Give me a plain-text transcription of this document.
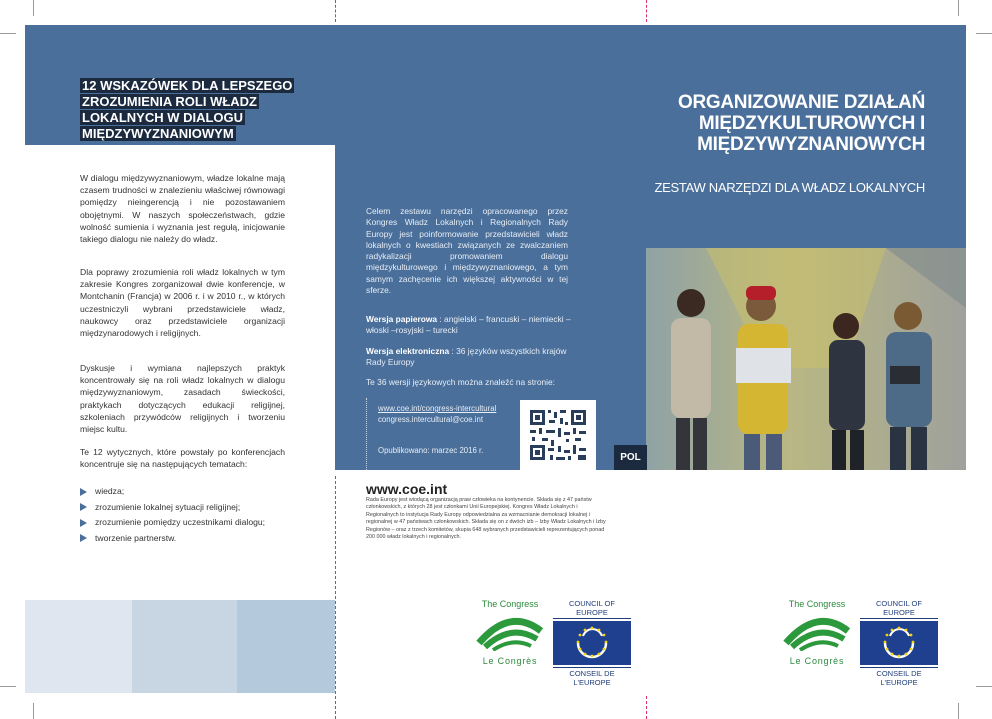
12 WSKAZÓWEK DLA LEPSZEGO ZROZUMIENIA ROLI WŁADZ LOKALNYCH W DIALOGU MIĘDZYWYZNANIOWYM
W dialogu międzywyznaniowym, władze lokalne mają czasem trudności w znalezieniu właściwej równowagi pomiędzy nieingerencją i nie pozostawaniem obojętnymi. W naszych społeczeństwach, gdzie wolność sumienia i wyznania jest regułą, inicjowanie takiego dialogu nie należy do władz.
Dla poprawy zrozumienia roli władz lokalnych w tym zakresie Kongres zorganizował dwie konferencje, w Montchanin (Francja) w 2006 r. i w 2010 r., w których uczestniczyli wybrani przedstawiciele władz, naukowcy oraz przedstawiciele organizacji międzynarodowych i religijnych.
Dyskusje i wymiana najlepszych praktyk koncentrowały się na roli władz lokalnych w dialogu międzywyznaniowym, zasadach świeckości, praktykach dotyczących edukacji religijnej, szkoleniach przywódców religijnych i tworzeniu miejsc kultu.
Te 12 wytycznych, które powstały po konferencjach koncentruje się na następujących tematach:
wiedza;
zrozumienie lokalnej sytuacji religijnej;
zrozumienie pomiędzy uczestnikami dialogu;
tworzenie partnerstw.
Celem zestawu narzędzi opracowanego przez Kongres Władz Lokalnych i Regionalnych Rady Europy jest poinformowanie przedstawicieli władz lokalnych o kwestiach związanych ze zwalczaniem radykalizacji promowaniem dialogu międzykulturowego i międzywyznaniowego, a tym samym zachęcenie ich większej aktywności w tej sferze.
Wersja papierowa : angielski – francuski – niemiecki – włoski –rosyjski – turecki
Wersja elektroniczna : 36 języków wszystkich krajów Rady Europy
Te 36 wersji językowych można znaleźć na stronie:
www.coe.int/congress-intercultural
congress.intercultural@coe.int
Opublikowano: marzec 2016 r.
www.coe.int
Rada Europy jest wiodącą organizacją praw człowieka na kontynencie. Składa się z 47 państw członkowskich, z których 28 jest członkami Unii Europejskiej. Kongres Władz Lokalnych i Regionalnych to instytucja Rady Europy odpowiedzialna za wzmacnianie demokracji lokalnej i regionalnej w 47 państwach członkowskich. Składa się on z dwóch izb – Izby Władz Lokalnych i Izby Regionów – oraz z trzech komitetów, skupia 648 wybranych przedstawicieli reprezentujących ponad 200 000 władz lokalnych i regionalnych.
ORGANIZOWANIE DZIAŁAŃ MIĘDZYKULTUROWYCH I MIĘDZYWYZNANIOWYCH
ZESTAW NARZĘDZI DLA WŁADZ LOKALNYCH
POL
The Congress
Le Congrès
COUNCIL OF EUROPE
CONSEIL DE L'EUROPE
The Congress
Le Congrès
COUNCIL OF EUROPE
CONSEIL DE L'EUROPE
